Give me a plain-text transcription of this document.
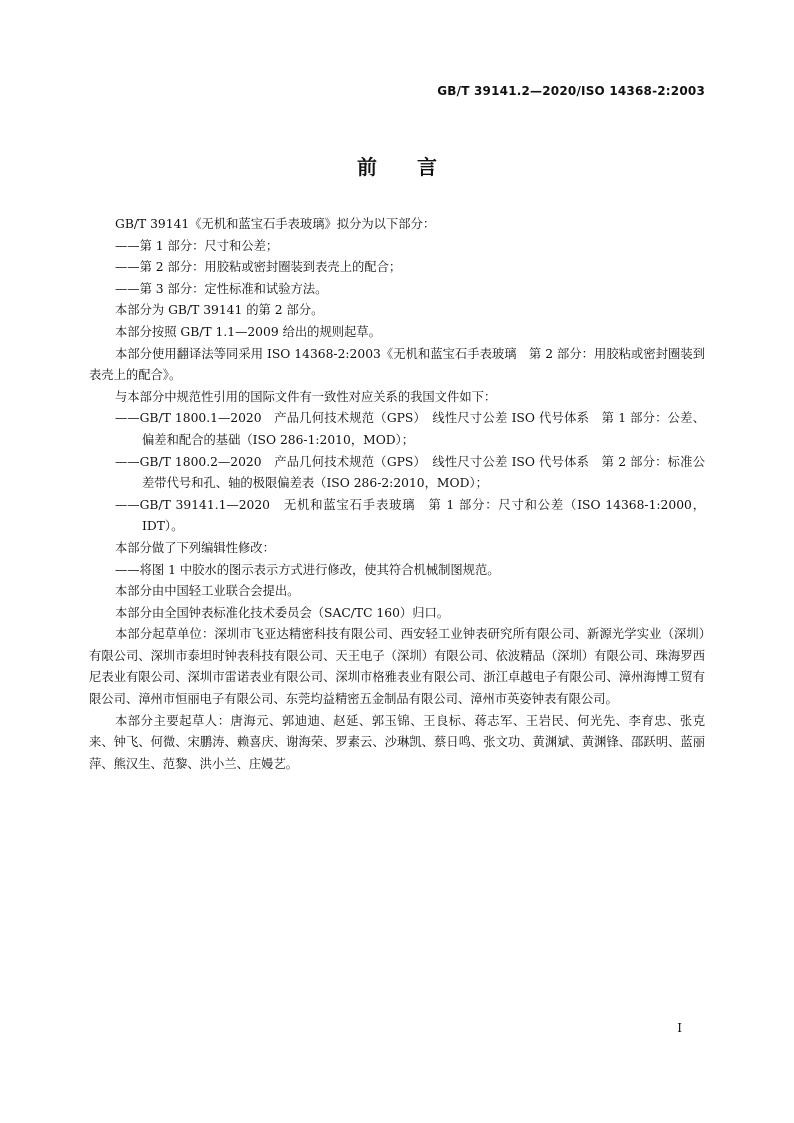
GB/T 39141.2—2020/ISO 14368-2:2003
前言
GB/T 39141《无机和蓝宝石手表玻璃》拟分为以下部分：
——第 1 部分：尺寸和公差；
——第 2 部分：用胶粘或密封圈装到表壳上的配合；
——第 3 部分：定性标准和试验方法。
本部分为 GB/T 39141 的第 2 部分。
本部分按照 GB/T 1.1—2009 给出的规则起草。
本部分使用翻译法等同采用 ISO 14368-2:2003《无机和蓝宝石手表玻璃　第 2 部分：用胶粘或密封圈装到表壳上的配合》。
与本部分中规范性引用的国际文件有一致性对应关系的我国文件如下：
——GB/T 1800.1—2020　产品几何技术规范（GPS）　线性尺寸公差 ISO 代号体系　第 1 部分：公差、偏差和配合的基础（ISO 286-1:2010，MOD）；
——GB/T 1800.2—2020　产品几何技术规范（GPS）　线性尺寸公差 ISO 代号体系　第 2 部分：标准公差带代号和孔、轴的极限偏差表（ISO 286-2:2010，MOD）；
——GB/T 39141.1—2020　无机和蓝宝石手表玻璃　第 1 部分：尺寸和公差（ISO 14368-1:2000，IDT）。
本部分做了下列编辑性修改：
——将图 1 中胶水的图示表示方式进行修改，使其符合机械制图规范。
本部分由中国轻工业联合会提出。
本部分由全国钟表标准化技术委员会（SAC/TC 160）归口。
本部分起草单位：深圳市飞亚达精密科技有限公司、西安轻工业钟表研究所有限公司、新源光学实业（深圳）有限公司、深圳市泰坦时钟表科技有限公司、天王电子（深圳）有限公司、依波精品（深圳）有限公司、珠海罗西尼表业有限公司、深圳市雷诺表业有限公司、深圳市格雅表业有限公司、浙江卓越电子有限公司、漳州海博工贸有限公司、漳州市恒丽电子有限公司、东莞均益精密五金制品有限公司、漳州市英姿钟表有限公司。
本部分主要起草人：唐海元、郭迪迪、赵延、郭玉锦、王良标、蒋志军、王岩民、何光先、李育忠、张克来、钟飞、何微、宋鹏涛、赖喜庆、谢海荣、罗素云、沙琳凯、蔡日鸣、张文功、黄渊斌、黄渊锋、邵跃明、蓝丽萍、熊汉生、范黎、洪小兰、庄嫚艺。
I
